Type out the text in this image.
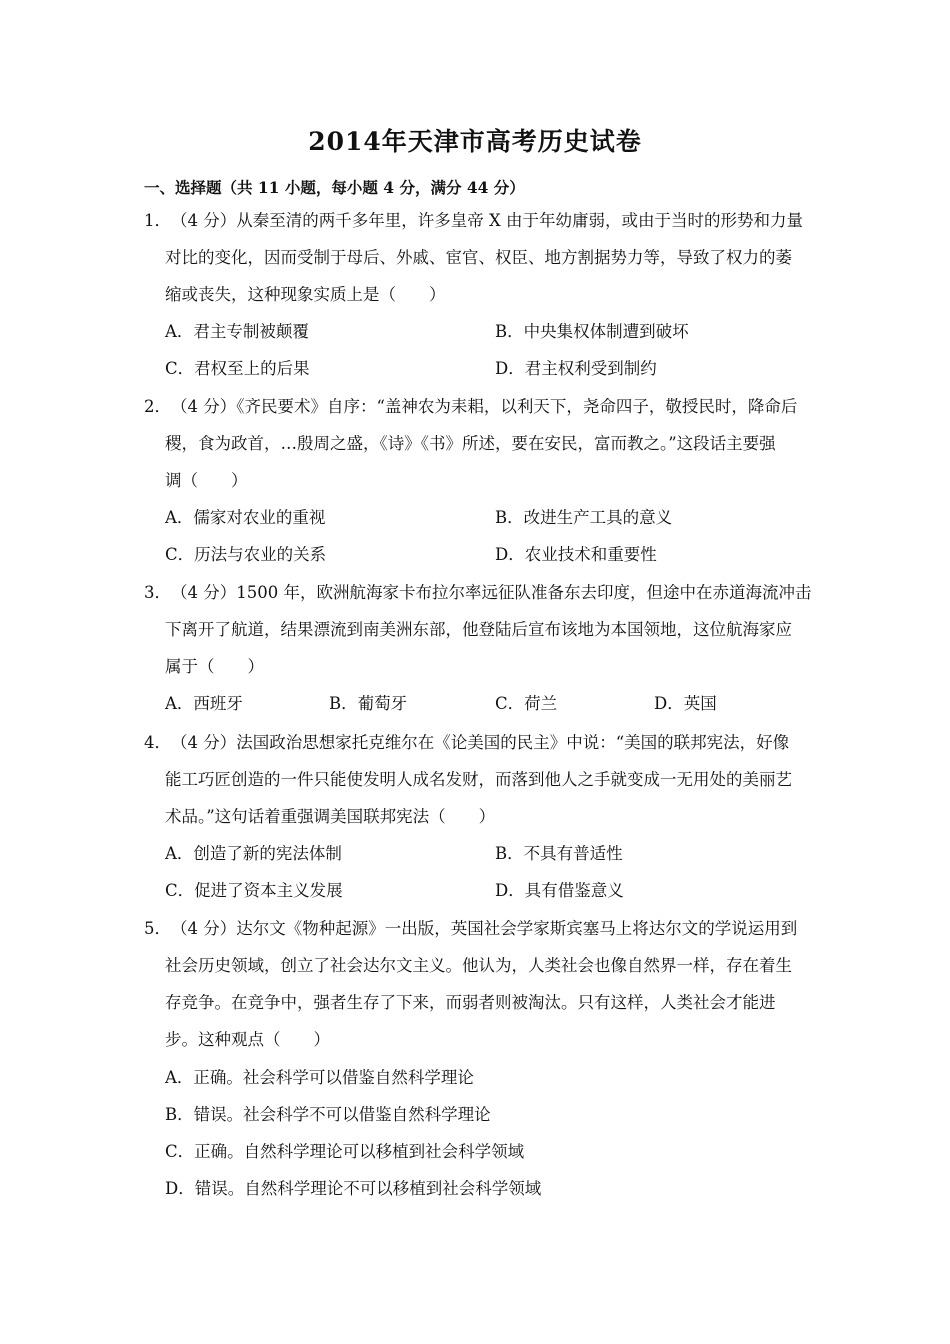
2014年天津市高考历史试卷
一、选择题（共 11 小题，每小题 4 分，满分 44 分）
1．（4 分）从秦至清的两千多年里，许多皇帝 X 由于年幼庸弱，或由于当时的形势和力量
对比的变化，因而受制于母后、外戚、宦官、权臣、地方割据势力等，导致了权力的萎
缩或丧失，这种现象实质上是（　　）
A．君主专制被颠覆	B．中央集权体制遭到破坏
C．君权至上的后果	D．君主权利受到制约
2．（4 分）《齐民要术》自序：“盖神农为耒耜，以利天下，尧命四子，敬授民时，降命后
稷，食为政首，…殷周之盛，《诗》《书》所述，要在安民，富而教之。”这段话主要强
调（　　）
A．儒家对农业的重视	B．改进生产工具的意义
C．历法与农业的关系	D．农业技术和重要性
3．（4 分）1500 年，欧洲航海家卡布拉尔率远征队准备东去印度，但途中在赤道海流冲击
下离开了航道，结果漂流到南美洲东部，他登陆后宣布该地为本国领地，这位航海家应
属于（　　）
A．西班牙	B．葡萄牙	C．荷兰	D．英国
4．（4 分）法国政治思想家托克维尔在《论美国的民主》中说：“美国的联邦宪法，好像
能工巧匠创造的一件只能使发明人成名发财，而落到他人之手就变成一无用处的美丽艺
术品。”这句话着重强调美国联邦宪法（　　）
A．创造了新的宪法体制	B．不具有普适性
C．促进了资本主义发展	D．具有借鉴意义
5．（4 分）达尔文《物种起源》一出版，英国社会学家斯宾塞马上将达尔文的学说运用到
社会历史领域，创立了社会达尔文主义。他认为，人类社会也像自然界一样，存在着生
存竞争。在竞争中，强者生存了下来，而弱者则被淘汰。只有这样，人类社会才能进
步。这种观点（　　）
A．正确。社会科学可以借鉴自然科学理论
B．错误。社会科学不可以借鉴自然科学理论
C．正确。自然科学理论可以移植到社会科学领域
D．错误。自然科学理论不可以移植到社会科学领域
